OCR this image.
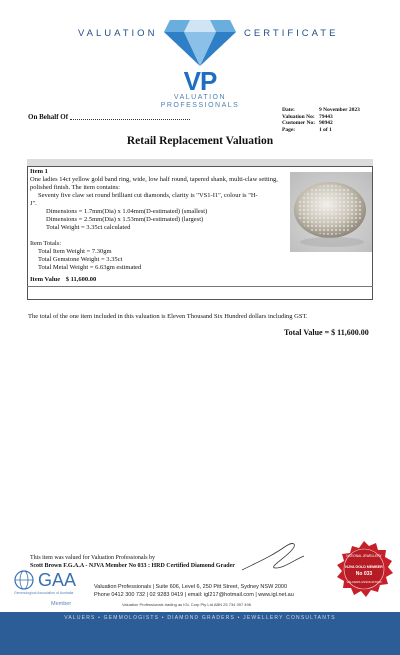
VALUATION	CERTIFICATE
VP
VALUATION
PROFESSIONALS
On Behalf Of
Date:	9 November 2023
Valuation No:	79443
Customer No:	90942
Page:	1 of 1
Retail Replacement Valuation
Item 1
One ladies 14ct yellow gold band ring, wide, low half round, tapered shank, multi-claw setting, polished finish. The item contains:
Seventy five claw set round brilliant cut diamonds, clarity is "VS1-I1", colour is "H-
J".
Dimensions = 1.7mm(Dia) x 1.04mm(D-estimated) (smallest)
Dimensions = 2.5mm(Dia) x 1.53mm(D-estimated) (largest)
Total Weight = 3.35ct calculated
Item Totals:
Total Item Weight = 7.30gm
Total Gemstone Weight = 3.35ct
Total Metal Weight = 6.63gm estimated
Item Value $ 11,600.00
The total of the one item included in this valuation is Eleven Thousand Six Hundred dollars including GST.
Total Value = $ 11,600.00
This item was valued for Valuation Professionals by
Scott Brown F.G.A.A - NJVA Member No 033 : HRD Certified Diamond Grader
GAA
Gemmological Association of Australia
Member
Valuation Professionals | Suite 606, Level 6, 250 Pitt Street, Sydney NSW 2000
Phone 0412 300 732 | 02 9283 0419 | email: igl217@hotmail.com | www.igl.net.au
Valuation Professionals trading as IGL Corp Pty Ltd ABN 25 734 397 496
NATIONAL JEWELLERY
NJVA GOLD MEMBER
No 033
VALUERS ASSOCIATION
VALUERS • GEMMOLOGISTS • DIAMOND GRADERS • JEWELLERY CONSULTANTS
